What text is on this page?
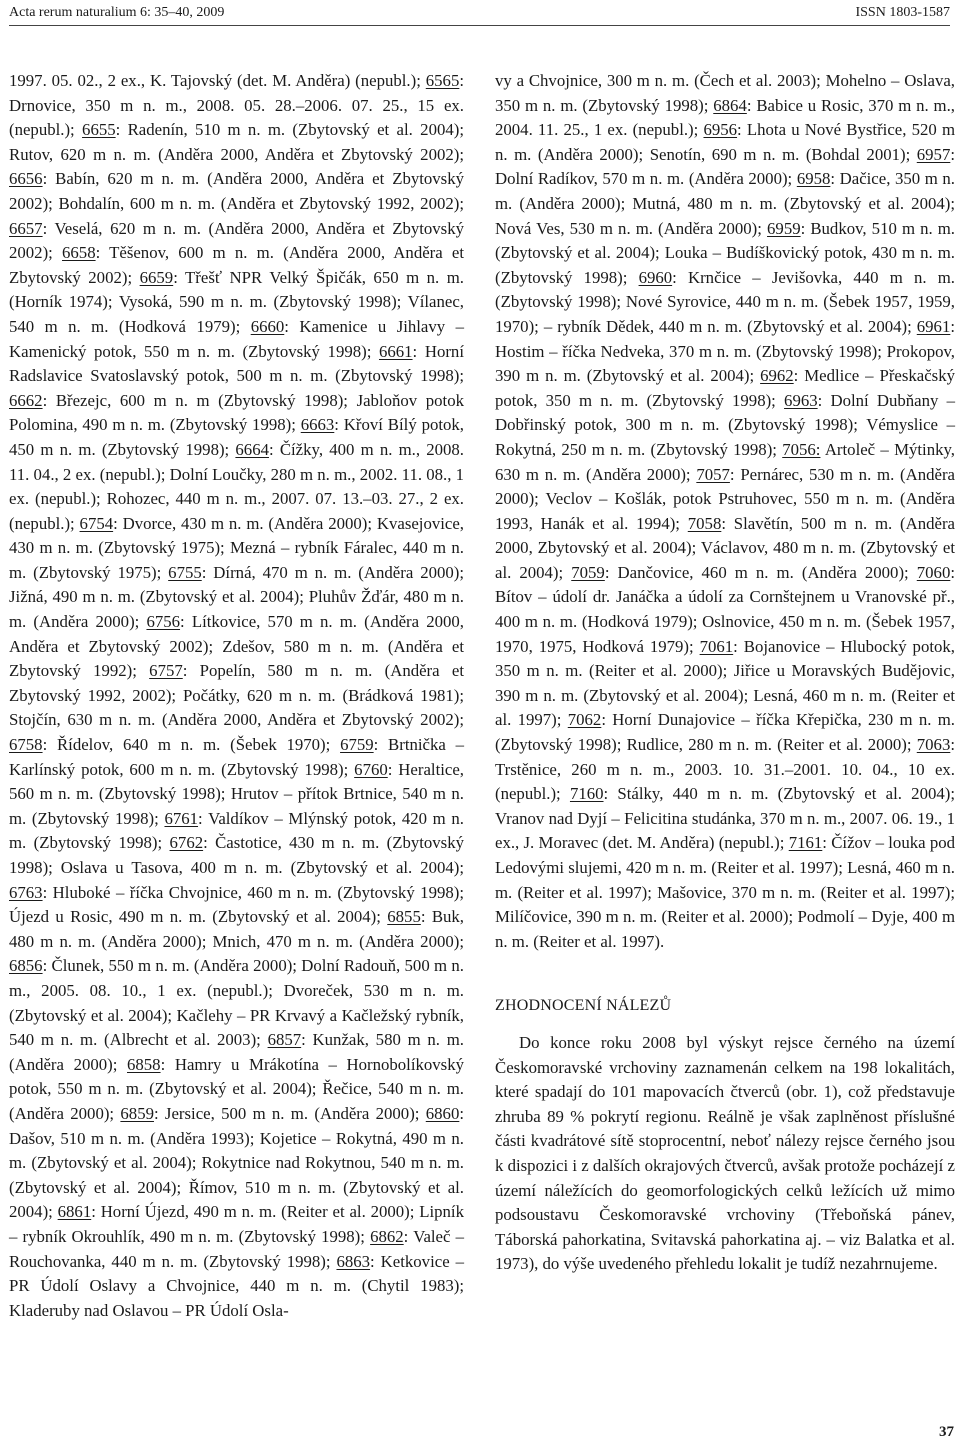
Acta rerum naturalium 6: 35–40, 2009	ISSN 1803-1587

1997. 05. 02., 2 ex., K. Tajovský (det. M. Anděra) (nepubl.); 6565: Drnovice, 350 m n. m., 2008. 05. 28.–2006. 07. 25., 15 ex. (nepubl.); 6655: Radenín, 510 m n. m. (Zbytovský et al. 2004); Rutov, 620 m n. m. (Anděra 2000, Anděra et Zbytovský 2002); 6656: Babín, 620 m n. m. (Anděra 2000, Anděra et Zbytovský 2002); Bohdalín, 600 m n. m. (Anděra et Zbytovský 1992, 2002); 6657: Veselá, 620 m n. m. (Anděra 2000, Anděra et Zbytovský 2002); 6658: Těšenov, 600 m n. m. (Anděra 2000, Anděra et Zbytovský 2002); 6659: Třešť NPR Velký Špičák, 650 m n. m. (Horník 1974); Vysoká, 590 m n. m. (Zbytovský 1998); Vílanec, 540 m n. m. (Hodková 1979); 6660: Kamenice u Jihlavy – Kamenický potok, 550 m n. m. (Zbytovský 1998); 6661: Horní Radslavice Svatoslavský potok, 500 m n. m. (Zbytovský 1998); 6662: Březejc, 600 m n. m (Zbytovský 1998); Jabloňov potok Polomina, 490 m n. m. (Zbytovský 1998); 6663: Křoví Bílý potok, 450 m n. m. (Zbytovský 1998); 6664: Čížky, 400 m n. m., 2008. 11. 04., 2 ex. (nepubl.); Dolní Loučky, 280 m n. m., 2002. 11. 08., 1 ex. (nepubl.); Rohozec, 440 m n. m., 2007. 07. 13.–03. 27., 2 ex. (nepubl.); 6754: Dvorce, 430 m n. m. (Anděra 2000); Kvasejovice, 430 m n. m. (Zbytovský 1975); Mezná – rybník Fáralec, 440 m n. m. (Zbytovský 1975); 6755: Dírná, 470 m n. m. (Anděra 2000); Jižná, 490 m n. m. (Zbytovský et al. 2004); Pluhův Žďár, 480 m n. m. (Anděra 2000); 6756: Lítkovice, 570 m n. m. (Anděra 2000, Anděra et Zbytovský 2002); Zdešov, 580 m n. m. (Anděra et Zbytovský 1992); 6757: Popelín, 580 m n. m. (Anděra et Zbytovský 1992, 2002); Počátky, 620 m n. m. (Brádková 1981); Stojčín, 630 m n. m. (Anděra 2000, Anděra et Zbytovský 2002); 6758: Řídelov, 640 m n. m. (Šebek 1970); 6759: Brtnička – Karlínský potok, 600 m n. m. (Zbytovský 1998); 6760: Heraltice, 560 m n. m. (Zbytovský 1998); Hrutov – přítok Brtnice, 540 m n. m. (Zbytovský 1998); 6761: Valdíkov – Mlýnský potok, 420 m n. m. (Zbytovský 1998); 6762: Častotice, 430 m n. m. (Zbytovský 1998); Oslava u Tasova, 400 m n. m. (Zbytovský et al. 2004); 6763: Hluboké – říčka Chvojnice, 460 m n. m. (Zbytovský 1998); Újezd u Rosic, 490 m n. m. (Zbytovský et al. 2004); 6855: Buk, 480 m n. m. (Anděra 2000); Mnich, 470 m n. m. (Anděra 2000); 6856: Člunek, 550 m n. m. (Anděra 2000); Dolní Radouň, 500 m n. m., 2005. 08. 10., 1 ex. (nepubl.); Dvoreček, 530 m n. m. (Zbytovský et al. 2004); Kačlehy – PR Krvavý a Kačležský rybník, 540 m n. m. (Albrecht et al. 2003); 6857: Kunžak, 580 m n. m. (Anděra 2000); 6858: Hamry u Mrákotína – Hornobolíkovský potok, 550 m n. m. (Zbytovský et al. 2004); Řečice, 540 m n. m. (Anděra 2000); 6859: Jersice, 500 m n. m. (Anděra 2000); 6860: Dašov, 510 m n. m. (Anděra 1993); Kojetice – Rokytná, 490 m n. m. (Zbytovský et al. 2004); Rokytnice nad Rokytnou, 540 m n. m. (Zbytovský et al. 2004); Římov, 510 m n. m. (Zbytovský et al. 2004); 6861: Horní Újezd, 490 m n. m. (Reiter et al. 2000); Lipník – rybník Okrouhlík, 490 m n. m. (Zbytovský 1998); 6862: Valeč – Rouchovanka, 440 m n. m. (Zbytovský 1998); 6863: Ketkovice – PR Údolí Oslavy a Chvojnice, 440 m n. m. (Chytil 1983); Kladeruby nad Oslavou – PR Údolí Osla-

vy a Chvojnice, 300 m n. m. (Čech et al. 2003); Mohelno – Oslava, 350 m n. m. (Zbytovský 1998); 6864: Babice u Rosic, 370 m n. m., 2004. 11. 25., 1 ex. (nepubl.); 6956: Lhota u Nové Bystřice, 520 m n. m. (Anděra 2000); Senotín, 690 m n. m. (Bohdal 2001); 6957: Dolní Radíkov, 570 m n. m. (Anděra 2000); 6958: Dačice, 350 m n. m. (Anděra 2000); Mutná, 480 m n. m. (Zbytovský et al. 2004); Nová Ves, 530 m n. m. (Anděra 2000); 6959: Budkov, 510 m n. m. (Zbytovský et al. 2004); Louka – Budíškovický potok, 430 m n. m. (Zbytovský 1998); 6960: Krnčice – Jevišovka, 440 m n. m. (Zbytovský 1998); Nové Syrovice, 440 m n. m. (Šebek 1957, 1959, 1970); – rybník Dědek, 440 m n. m. (Zbytovský et al. 2004); 6961: Hostim – říčka Nedveka, 370 m n. m. (Zbytovský 1998); Prokopov, 390 m n. m. (Zbytovský et al. 2004); 6962: Medlice – Přeskačský potok, 350 m n. m. (Zbytovský 1998); 6963: Dolní Dubňany – Dobřinský potok, 300 m n. m. (Zbytovský 1998); Vémyslice – Rokytná, 250 m n. m. (Zbytovský 1998); 7056: Artoleč – Mýtinky, 630 m n. m. (Anděra 2000); 7057: Pernárec, 530 m n. m. (Anděra 2000); Veclov – Košlák, potok Pstruhovec, 550 m n. m. (Anděra 1993, Hanák et al. 1994); 7058: Slavětín, 500 m n. m. (Anděra 2000, Zbytovský et al. 2004); Václavov, 480 m n. m. (Zbytovský et al. 2004); 7059: Dančovice, 460 m n. m. (Anděra 2000); 7060: Bítov – údolí dr. Janáčka a údolí za Cornštejnem u Vranovské př., 400 m n. m. (Hodková 1979); Oslnovice, 450 m n. m. (Šebek 1957, 1970, 1975, Hodková 1979); 7061: Bojanovice – Hlubocký potok, 350 m n. m. (Reiter et al. 2000); Jiřice u Moravských Budějovic, 390 m n. m. (Zbytovský et al. 2004); Lesná, 460 m n. m. (Reiter et al. 1997); 7062: Horní Dunajovice – říčka Křepička, 230 m n. m. (Zbytovský 1998); Rudlice, 280 m n. m. (Reiter et al. 2000); 7063: Trstěnice, 260 m n. m., 2003. 10. 31.–2001. 10. 04., 10 ex. (nepubl.); 7160: Stálky, 440 m n. m. (Zbytovský et al. 2004); Vranov nad Dyjí – Felicitina studánka, 370 m n. m., 2007. 06. 19., 1 ex., J. Moravec (det. M. Anděra) (nepubl.); 7161: Čížov – louka pod Ledovými slujemi, 420 m n. m. (Reiter et al. 1997); Lesná, 460 m n. m. (Reiter et al. 1997); Mašovice, 370 m n. m. (Reiter et al. 1997); Milíčovice, 390 m n. m. (Reiter et al. 2000); Podmolí – Dyje, 400 m n. m. (Reiter et al. 1997).

ZHODNOCENÍ NÁLEZŮ

Do konce roku 2008 byl výskyt rejsce černého na území Českomoravské vrchoviny zaznamenán celkem na 198 lokalitách, které spadají do 101 mapovacích čtverců (obr. 1), což představuje zhruba 89 % pokrytí regionu. Reálně je však zaplněnost příslušné části kvadrátové sítě stoprocentní, neboť nálezy rejsce černého jsou k dispozici i z dalších okrajových čtverců, avšak protože pocházejí z území náležících do geomorfologických celků ležících už mimo podsoustavu Českomoravské vrchoviny (Třeboňská pánev, Táborská pahorkatina, Svitavská pahorkatina aj. – viz Balatka et al. 1973), do výše uvedeného přehledu lokalit je tudíž nezahrnujeme.

37
